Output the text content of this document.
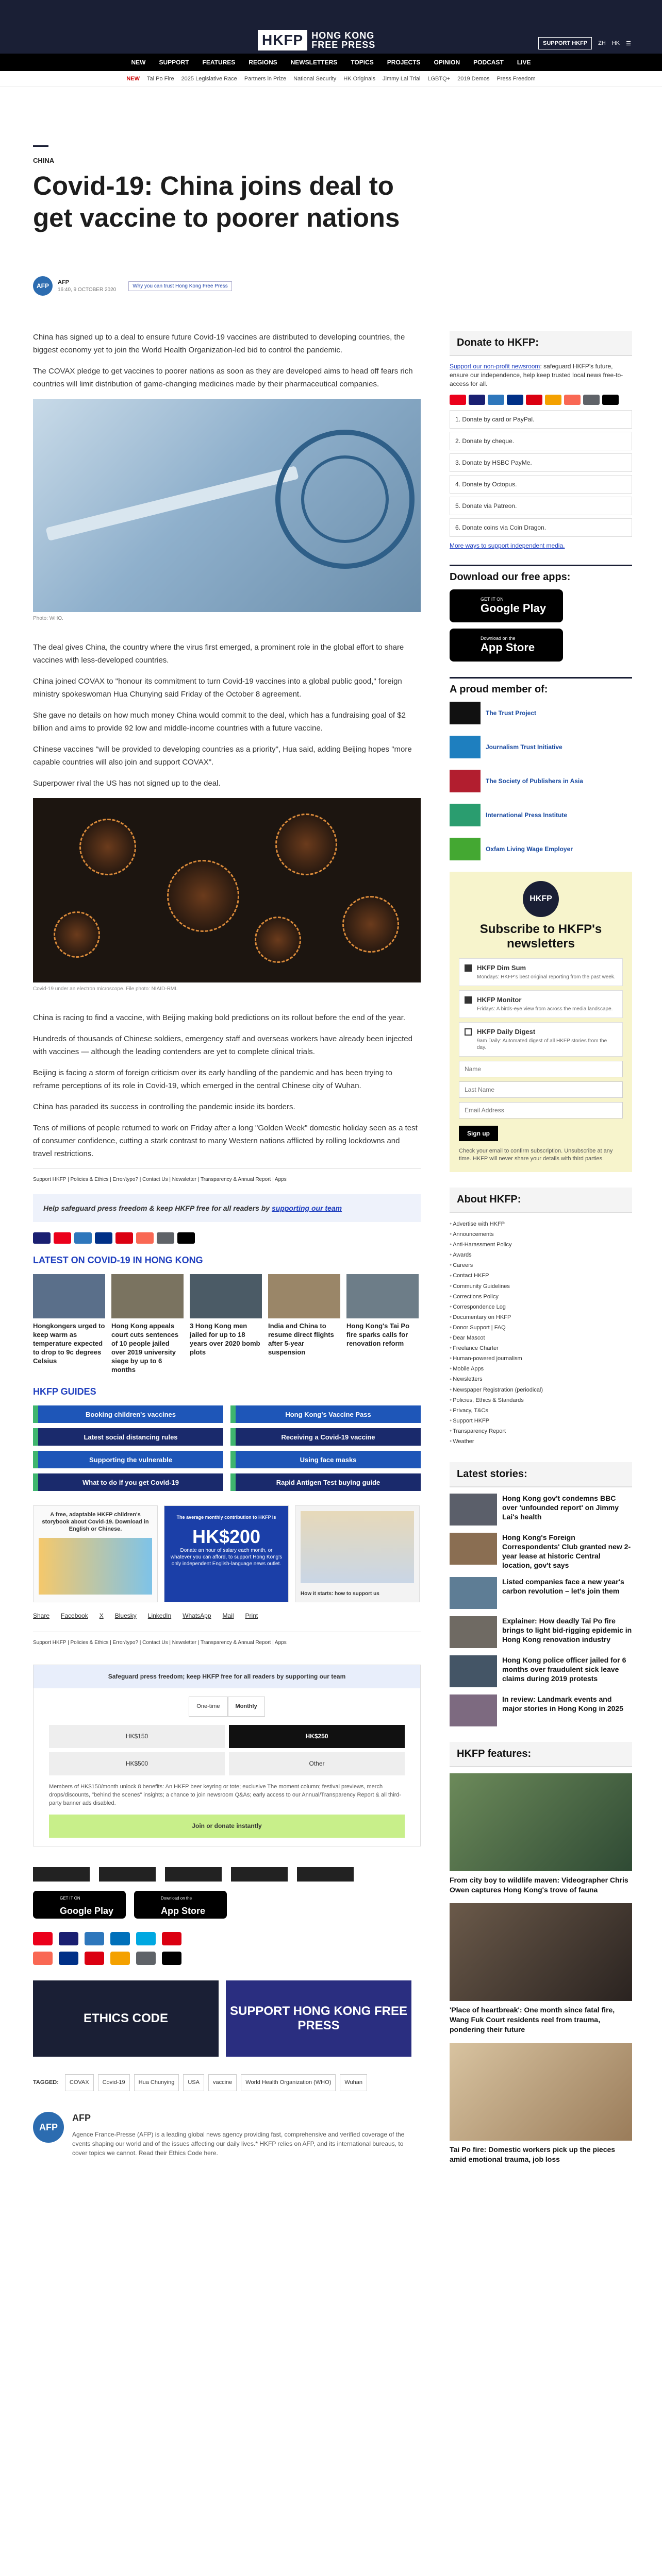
HKFP HONG KONG
FREE PRESS	SUPPORT HKFP	ZH HK ☰
NEW SUPPORT FEATURES REGIONS NEWSLETTERS TOPICS PROJECTS OPINION PODCAST LIVE
NEW Tai Po Fire 2025 Legislative Race Partners in Prize National Security HK Originals Jimmy Lai Trial LGBTQ+ 2019 Demos Press Freedom
CHINA
Covid-19: China joins deal to get vaccine to poorer nations
AFP	AFP
16:40, 9 OCTOBER 2020
Why you can trust Hong Kong Free Press

China has signed up to a deal to ensure future Covid-19 vaccines are distributed to developing countries, the biggest economy yet to join the World Health Organization-led bid to control the pandemic.

The COVAX pledge to get vaccines to poorer nations as soon as they are developed aims to head off fears rich countries will limit distribution of game-changing medicines made by their pharmaceutical companies.

Photo: WHO.

The deal gives China, the country where the virus first emerged, a prominent role in the global effort to share vaccines with less-developed countries.

China joined COVAX to "honour its commitment to turn Covid-19 vaccines into a global public good," foreign ministry spokeswoman Hua Chunying said Friday of the October 8 agreement.

She gave no details on how much money China would commit to the deal, which has a fundraising goal of $2 billion and aims to provide 92 low and middle-income countries with a future vaccine.

Chinese vaccines "will be provided to developing countries as a priority", Hua said, adding Beijing hopes "more capable countries will also join and support COVAX".

Superpower rival the US has not signed up to the deal.

Covid-19 under an electron microscope. File photo: NIAID-RML

China is racing to find a vaccine, with Beijing making bold predictions on its rollout before the end of the year.

Hundreds of thousands of Chinese soldiers, emergency staff and overseas workers have already been injected with vaccines — although the leading contenders are yet to complete clinical trials.

Beijing is facing a storm of foreign criticism over its early handling of the pandemic and has been trying to reframe perceptions of its role in Covid-19, which emerged in the central Chinese city of Wuhan.

China has paraded its success in controlling the pandemic inside its borders.

Tens of millions of people returned to work on Friday after a long "Golden Week" domestic holiday seen as a test of consumer confidence, cutting a stark contrast to many Western nations afflicted by rolling lockdowns and travel restrictions.

Support HKFP | Policies & Ethics | Error/typo? | Contact Us | Newsletter | Transparency & Annual Report | Apps
Help safeguard press freedom & keep HKFP free for all readers by supporting our team
LATEST ON COVID-19 IN HONG KONG
Hongkongers urged to keep warm as temperature expected to drop to 9c degrees Celsius
Hong Kong appeals court cuts sentences of 10 people jailed over 2019 university siege by up to 6 months
3 Hong Kong men jailed for up to 18 years over 2020 bomb plots
India and China to resume direct flights after 5-year suspension
Hong Kong's Tai Po fire sparks calls for renovation reform
HKFP GUIDES
Booking children's vaccines	Hong Kong's Vaccine Pass
Latest social distancing rules	Receiving a Covid-19 vaccine
Supporting the vulnerable	Using face masks
What to do if you get Covid-19	Rapid Antigen Test buying guide
A free, adaptable HKFP children's storybook about Covid-19. Download in English or Chinese.
The average monthly contribution to HKFP is
HK$200
Donate an hour of salary each month, or whatever you can afford, to support Hong Kong's only independent English-language news outlet.
How it starts: how to support us
Share Facebook X Bluesky LinkedIn WhatsApp Mail Print
Support HKFP | Policies & Ethics | Error/typo? | Contact Us | Newsletter | Transparency & Annual Report | Apps
Safeguard press freedom; keep HKFP free for all readers by supporting our team
One-time	Monthly
HK$150	HK$250
HK$500	Other
Members of HK$150/month unlock 8 benefits: An HKFP beer keyring or tote; exclusive The moment column; festival previews, merch drops/discounts, "behind the scenes" insights; a chance to join newsroom Q&As; early access to our Annual/Transparency Report & all third-party banner ads disabled.
Join or donate instantly
GET IT ON
Google Play
Download on the
App Store
ETHICS CODE
SUPPORT HONG KONG FREE PRESS
TAGGED:	COVAX	Covid-19	Hua Chunying	USA	vaccine	World Health Organization (WHO)	Wuhan
AFP
AFP
Agence France-Presse (AFP) is a leading global news agency providing fast, comprehensive and verified coverage of the events shaping our world and of the issues affecting our daily lives.* HKFP relies on AFP, and its international bureaus, to cover topics we cannot. Read their Ethics Code here.
Donate to HKFP:

Support our non-profit newsroom: safeguard HKFP's future, ensure our independence, help keep trusted local news free-to-access for all.

1. Donate by card or PayPal.
2. Donate by cheque.
3. Donate by HSBC PayMe.
4. Donate by Octopus.
5. Donate via Patreon.
6. Donate coins via Coin Dragon.
More ways to support independent media.
Download our free apps:
GET IT ON
Google Play
Download on the
App Store
A proud member of:
The Trust Project
Journalism Trust Initiative
The Society of Publishers in Asia
International Press Institute
Oxfam Living Wage Employer
HKFP
Subscribe to HKFP's newsletters
HKFP Dim Sum

Mondays: HKFP's best original reporting from the past week.

HKFP Monitor

Fridays: A birds-eye view from across the media landscape.

HKFP Daily Digest

9am Daily: Automated digest of all HKFP stories from the day.

Name Last Name Email Address Sign up
Check your email to confirm subscription. Unsubscribe at any time. HKFP will never share your details with third parties.
About HKFP:
● Advertise with HKFP
● Announcements
● Anti-Harassment Policy
● Awards
● Careers
● Contact HKFP
● Community Guidelines
● Corrections Policy
● Correspondence Log
● Documentary on HKFP
● Donor Support | FAQ
● Dear Mascot
● Freelance Charter
● Human-powered journalism
● Mobile Apps
● Newsletters
● Newspaper Registration (periodical)
● Policies, Ethics & Standards
● Privacy, T&Cs
● Support HKFP
● Transparency Report
● Weather
Latest stories:
Hong Kong gov't condemns BBC over 'unfounded report' on Jimmy Lai's health
Hong Kong's Foreign Correspondents' Club granted new 2-year lease at historic Central location, gov't says
Listed companies face a new year's carbon revolution – let's join them
Explainer: How deadly Tai Po fire brings to light bid-rigging epidemic in Hong Kong renovation industry
Hong Kong police officer jailed for 6 months over fraudulent sick leave claims during 2019 protests
In review: Landmark events and major stories in Hong Kong in 2025
HKFP features:
From city boy to wildlife maven: Videographer Chris Owen captures Hong Kong's trove of fauna
'Place of heartbreak': One month since fatal fire, Wang Fuk Court residents reel from trauma, pondering their future
Tai Po fire: Domestic workers pick up the pieces amid emotional trauma, job loss
